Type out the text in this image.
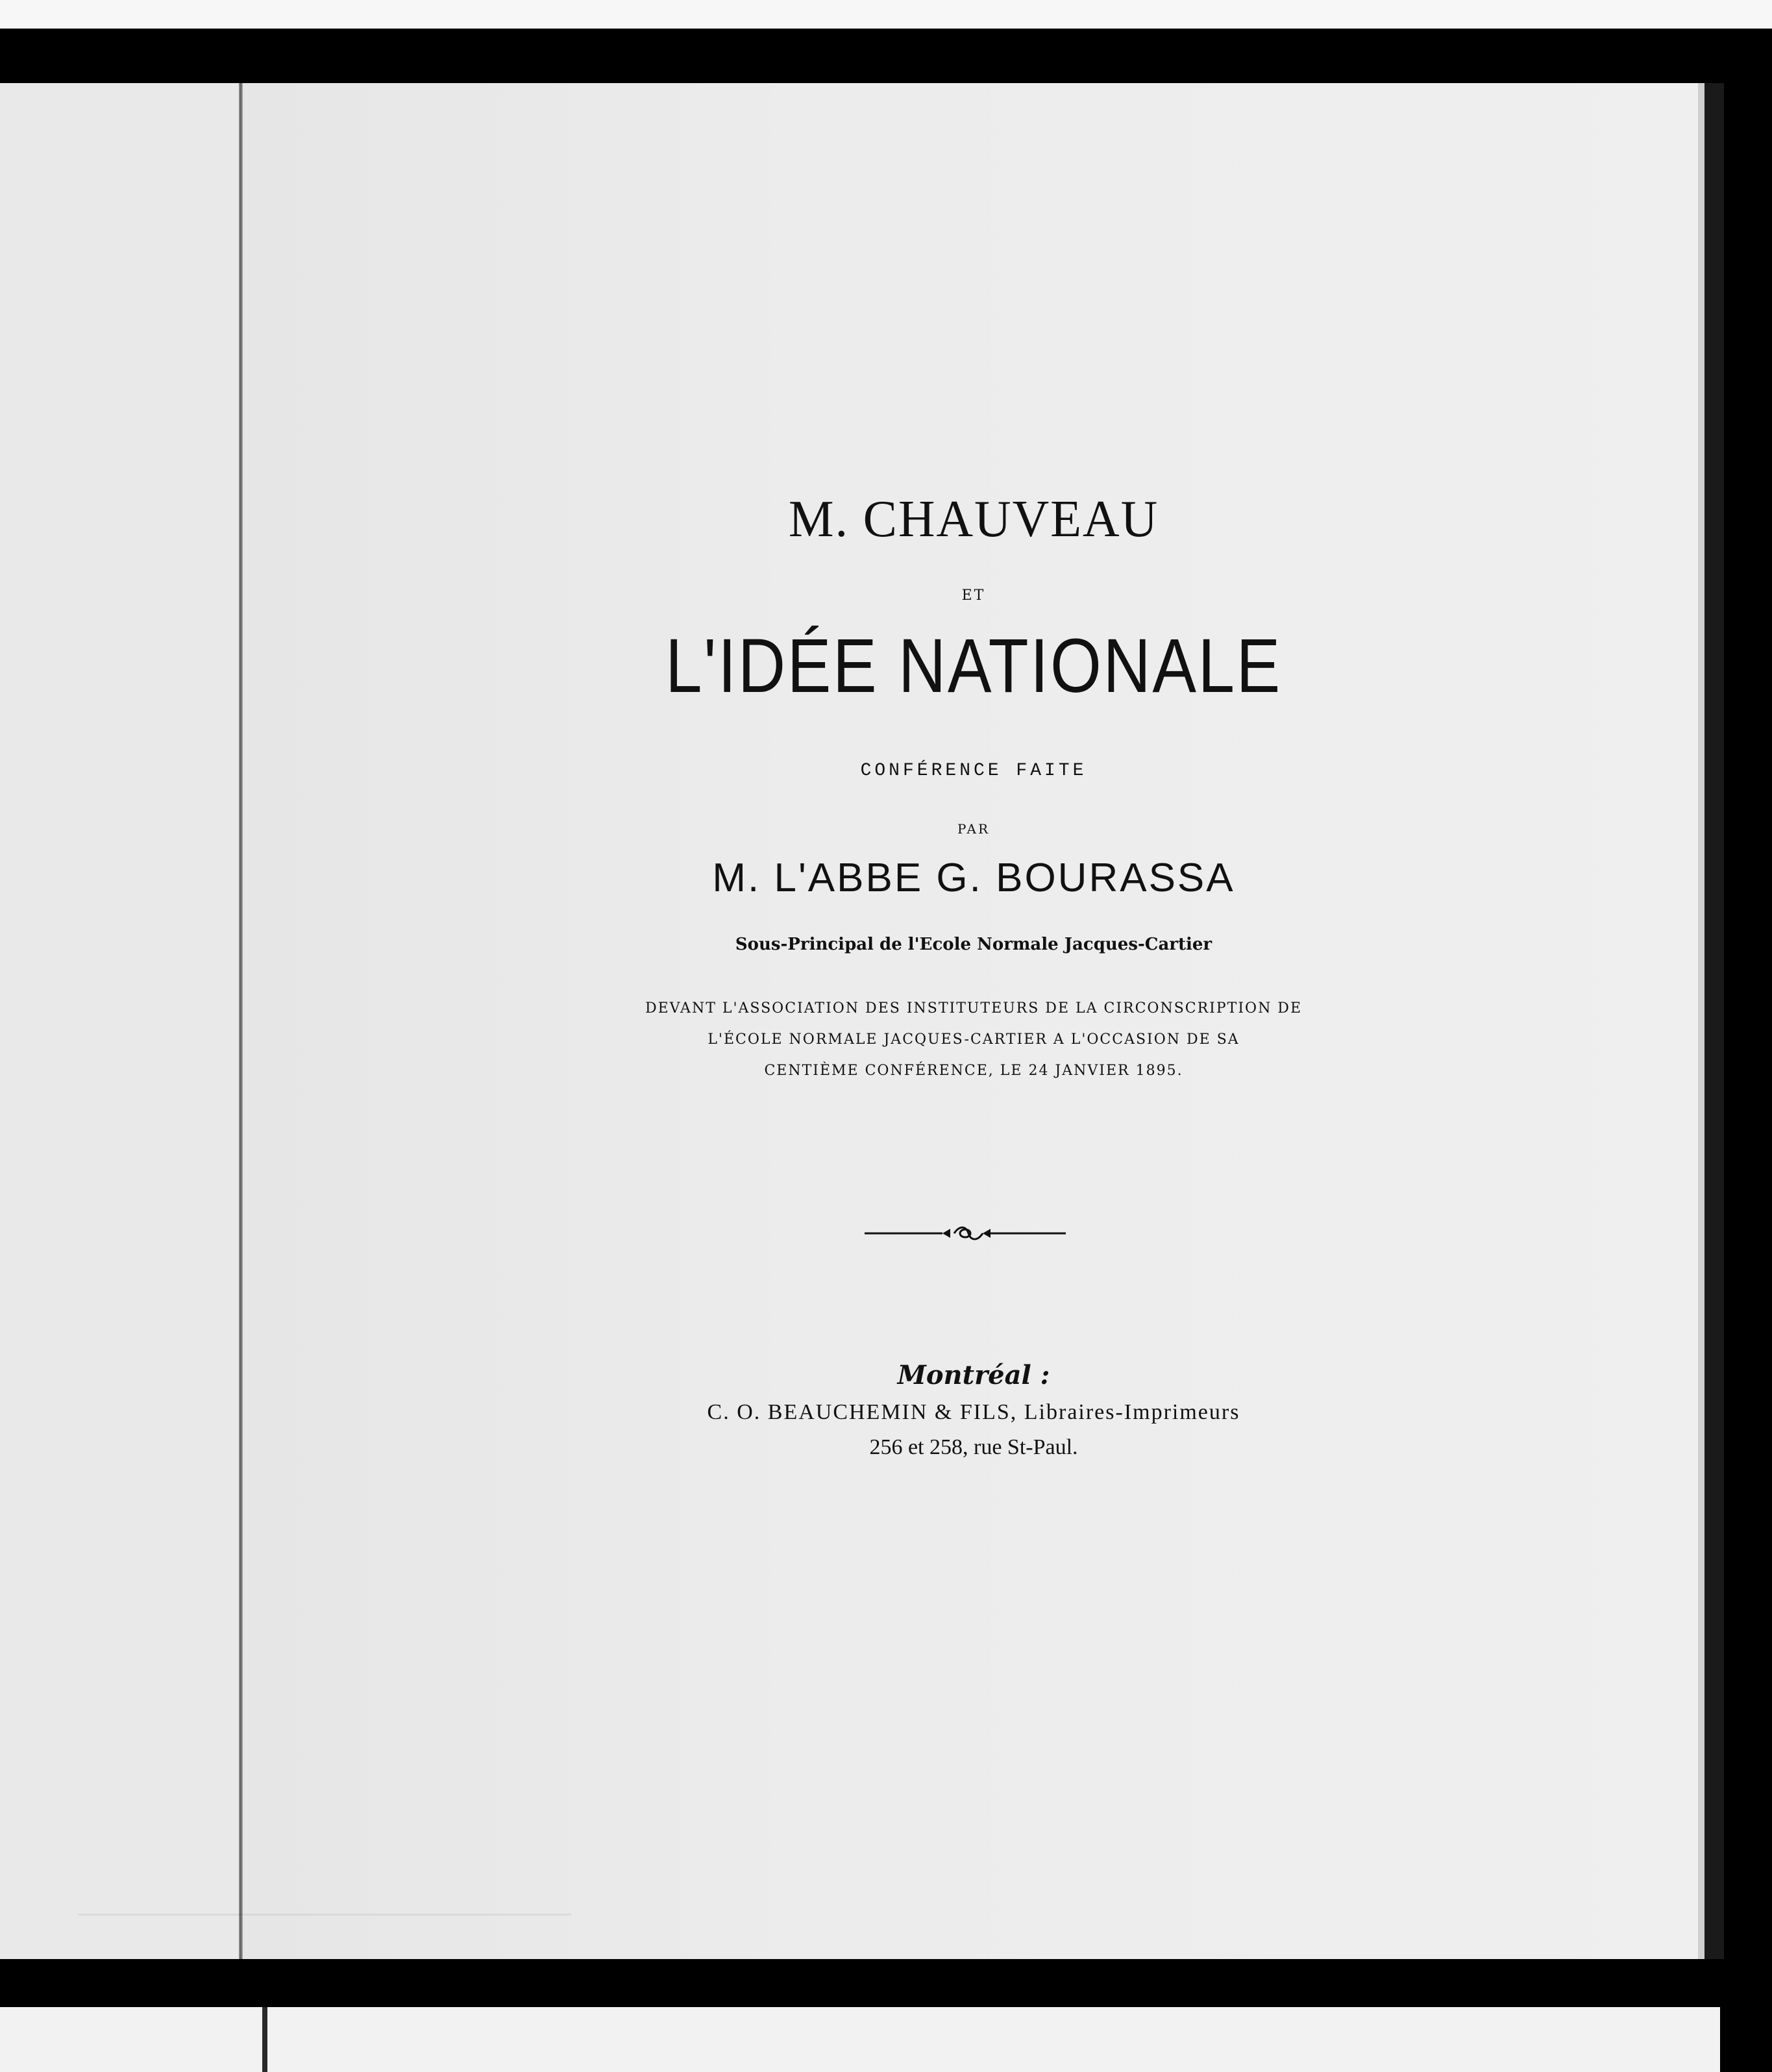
M. CHAUVEAU
ET
L'IDÉE NATIONALE
CONFÉRENCE FAITE
PAR
M. L'ABBE G. BOURASSA
Sous-Principal de l'Ecole Normale Jacques-Cartier
DEVANT L'ASSOCIATION DES INSTITUTEURS DE LA CIRCONSCRIPTION DE
L'ÉCOLE NORMALE JACQUES-CARTIER A L'OCCASION DE SA
CENTIÈME CONFÉRENCE, LE 24 JANVIER 1895.
Montréal :
C. O. BEAUCHEMIN & FILS, Libraires-Imprimeurs
256 et 258, rue St-Paul.
